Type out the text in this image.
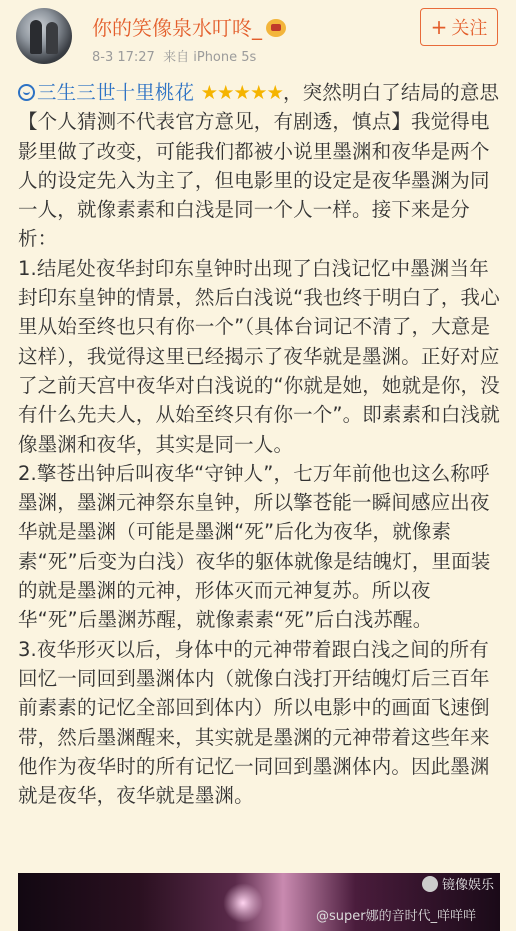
你的笑像泉水叮咚_
8-3 17:27 来自 iPhone 5s
+ 关注

三生三世十里桃花 ★★★★★，突然明白了结局的意思【个人猜测不代表官方意见，有剧透，慎点】我觉得电影里做了改变，可能我们都被小说里墨渊和夜华是两个人的设定先入为主了，但电影里的设定是夜华墨渊为同一人，就像素素和白浅是同一个人一样。接下来是分析：

1.结尾处夜华封印东皇钟时出现了白浅记忆中墨渊当年封印东皇钟的情景，然后白浅说“我也终于明白了，我心里从始至终也只有你一个”（具体台词记不清了，大意是这样），我觉得这里已经揭示了夜华就是墨渊。正好对应了之前天宫中夜华对白浅说的“你就是她，她就是你，没有什么先夫人，从始至终只有你一个”。即素素和白浅就像墨渊和夜华，其实是同一人。

2.擎苍出钟后叫夜华“守钟人”，七万年前他也这么称呼墨渊，墨渊元神祭东皇钟，所以擎苍能一瞬间感应出夜华就是墨渊（可能是墨渊“死”后化为夜华，就像素素“死”后变为白浅）夜华的躯体就像是结魄灯，里面装的就是墨渊的元神，形体灭而元神复苏。所以夜华“死”后墨渊苏醒，就像素素“死”后白浅苏醒。

3.夜华形灭以后，身体中的元神带着跟白浅之间的所有回忆一同回到墨渊体内（就像白浅打开结魄灯后三百年前素素的记忆全部回到体内）所以电影中的画面飞速倒带，然后墨渊醒来，其实就是墨渊的元神带着这些年来他作为夜华时的所有记忆一同回到墨渊体内。因此墨渊就是夜华，夜华就是墨渊。

镜像娱乐
@super娜的音时代_咩咩咩
